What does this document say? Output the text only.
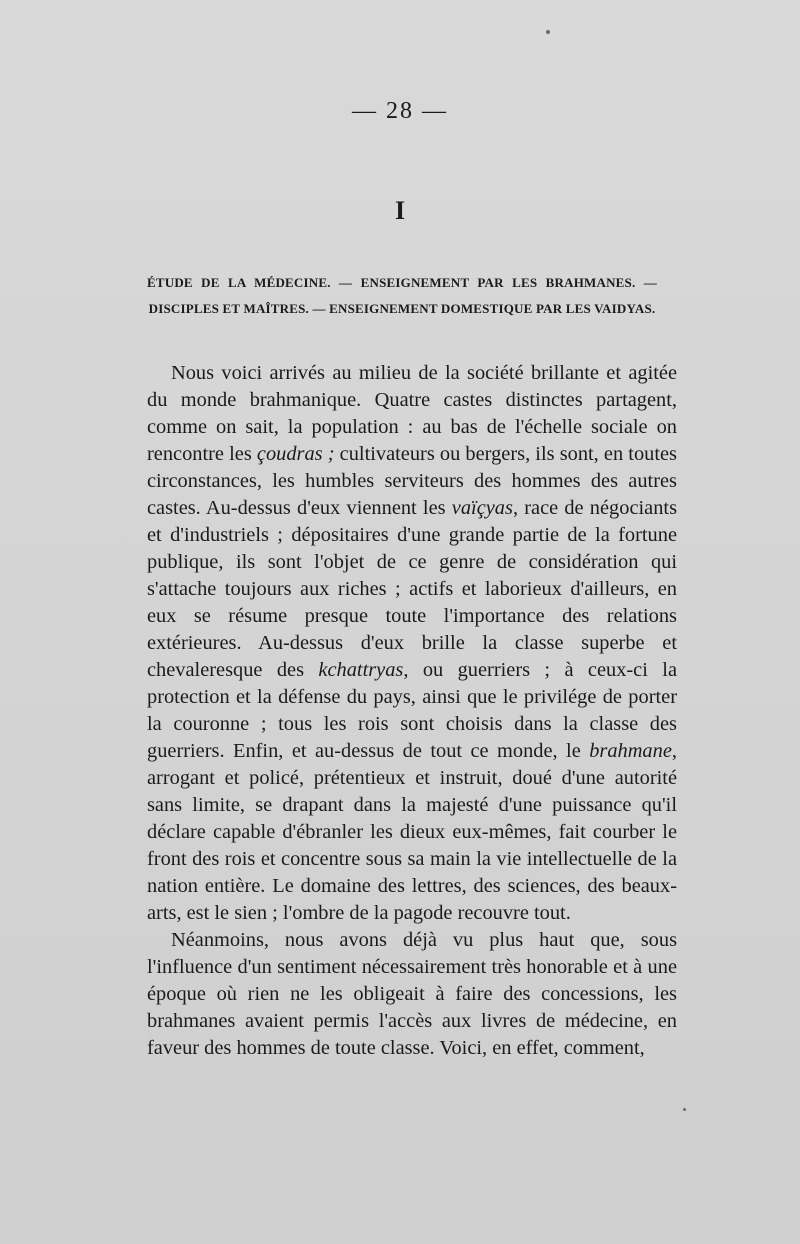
— 28 —
I
ÉTUDE DE LA MÉDECINE. — ENSEIGNEMENT PAR LES BRAHMANES. — DISCIPLES ET MAÎTRES. — ENSEIGNEMENT DOMESTIQUE PAR LES VAIDYAS.

Nous voici arrivés au milieu de la société brillante et agitée du monde brahmanique. Quatre castes distinctes partagent, comme on sait, la population : au bas de l'échelle sociale on rencontre les çoudras ; cultivateurs ou bergers, ils sont, en toutes circonstances, les humbles serviteurs des hommes des autres castes. Au-dessus d'eux viennent les vaïçyas, race de négociants et d'industriels ; dépositaires d'une grande partie de la fortune publique, ils sont l'objet de ce genre de considération qui s'attache toujours aux riches ; actifs et laborieux d'ailleurs, en eux se résume presque toute l'importance des relations extérieures. Au-dessus d'eux brille la classe superbe et chevaleresque des kchattryas, ou guerriers ; à ceux-ci la protection et la défense du pays, ainsi que le privilége de porter la couronne ; tous les rois sont choisis dans la classe des guerriers. Enfin, et au-dessus de tout ce monde, le brahmane, arrogant et policé, prétentieux et instruit, doué d'une autorité sans limite, se drapant dans la majesté d'une puissance qu'il déclare capable d'ébranler les dieux eux-mêmes, fait courber le front des rois et concentre sous sa main la vie intellectuelle de la nation entière. Le domaine des lettres, des sciences, des beaux-arts, est le sien ; l'ombre de la pagode recouvre tout.

Néanmoins, nous avons déjà vu plus haut que, sous l'influence d'un sentiment nécessairement très honorable et à une époque où rien ne les obligeait à faire des concessions, les brahmanes avaient permis l'accès aux livres de médecine, en faveur des hommes de toute classe. Voici, en effet, comment,
